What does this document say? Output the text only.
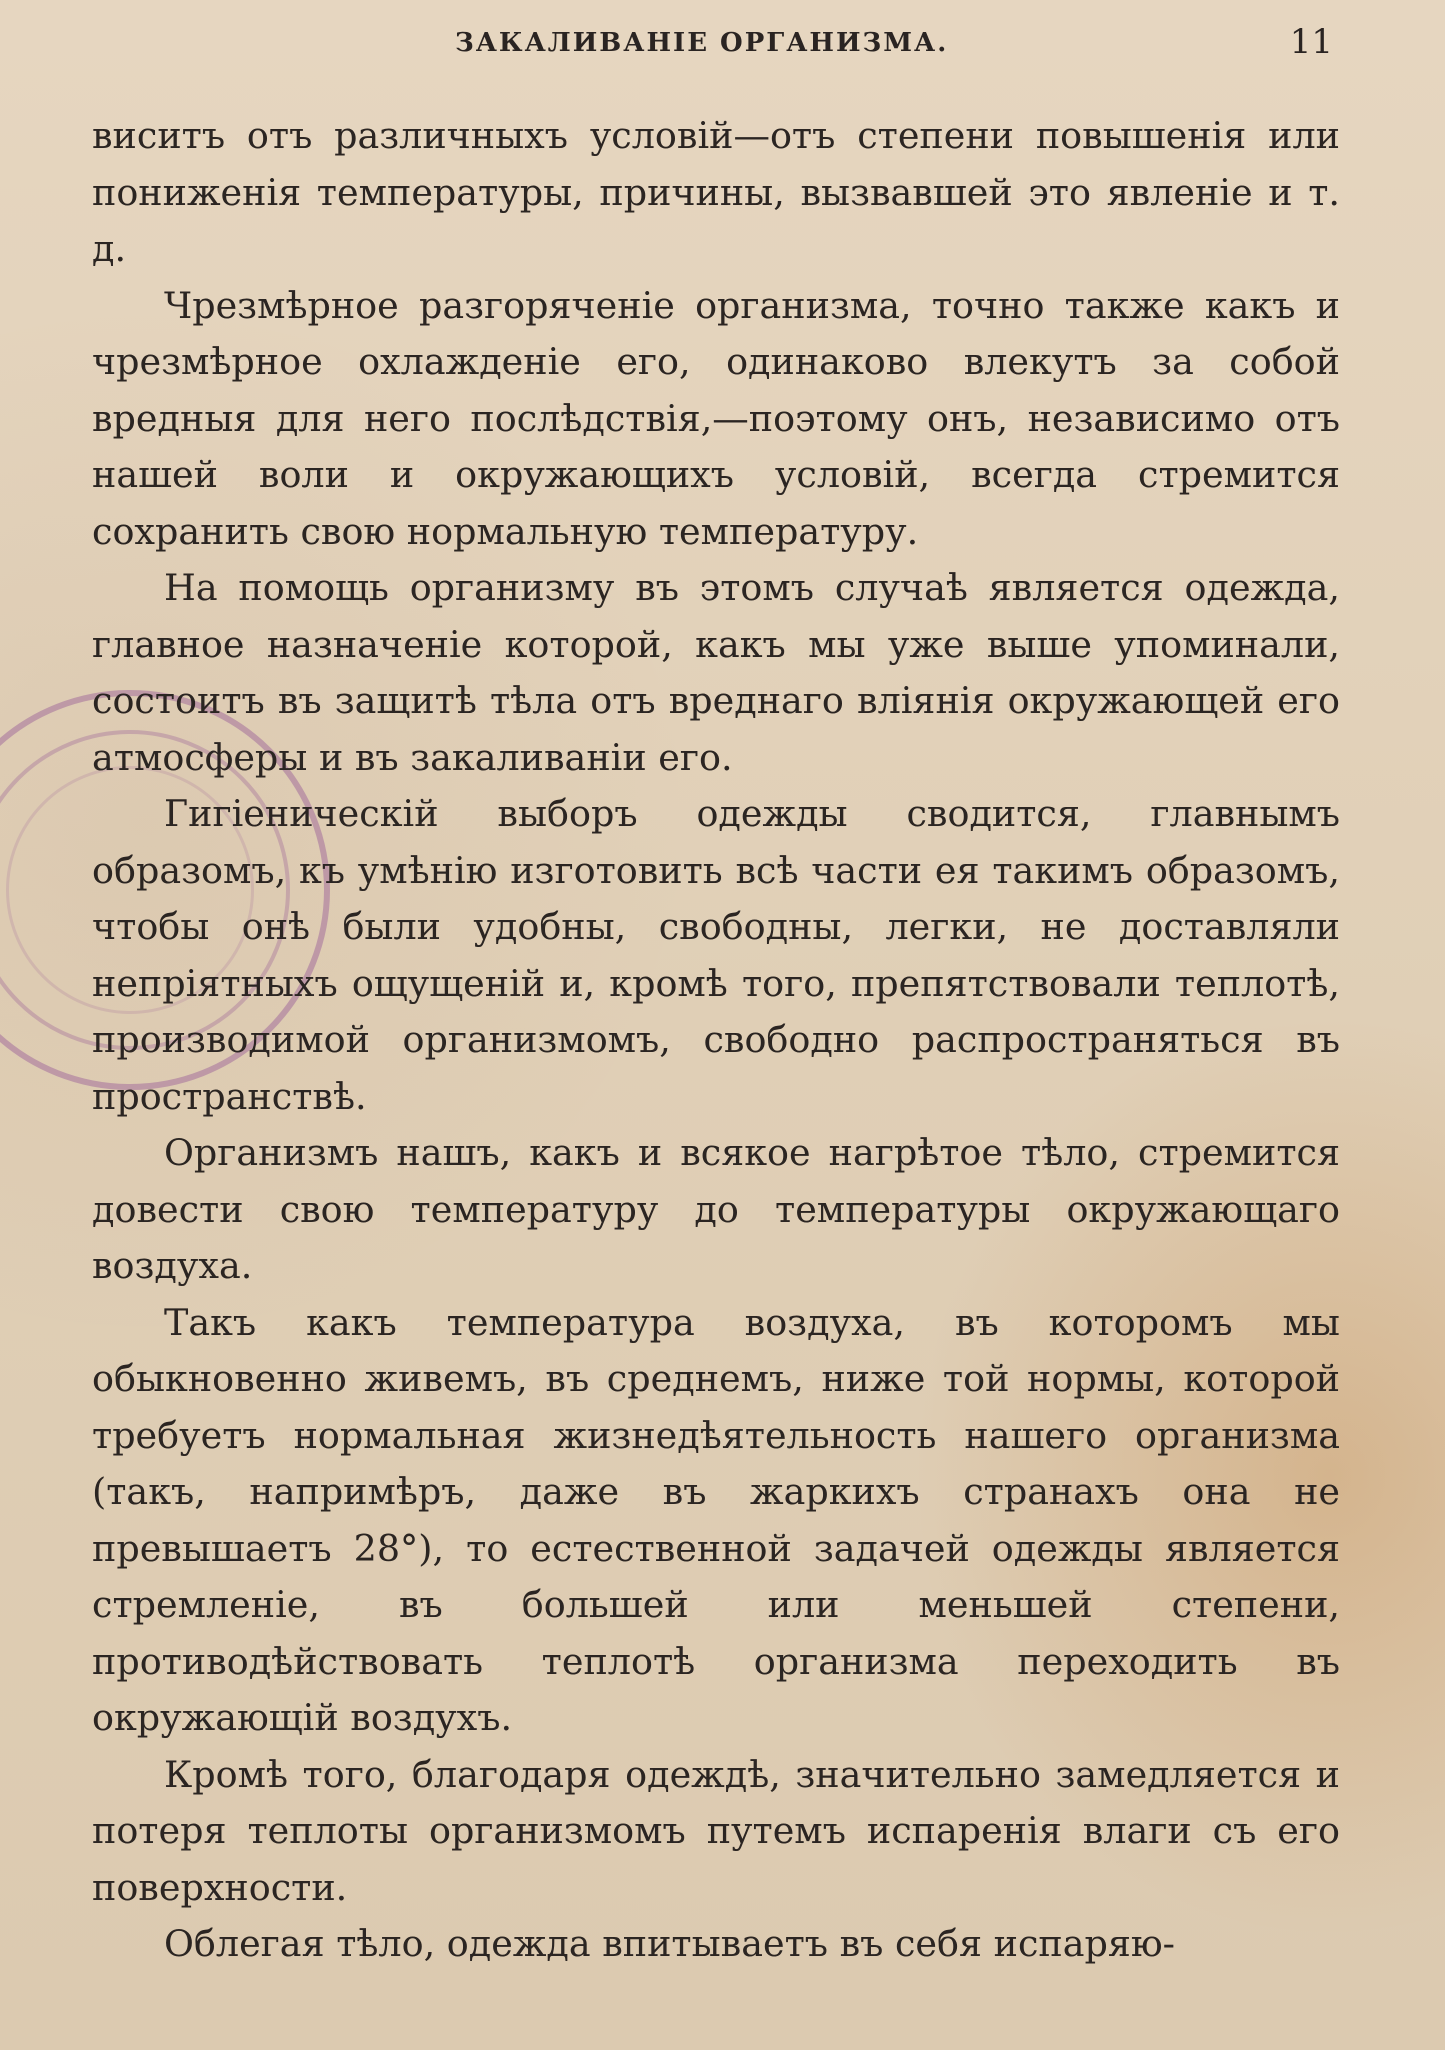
ЗАКАЛИВАНІЕ ОРГАНИЗМА.	11

виситъ отъ различныхъ условій—отъ степени повышенія или пониженія температуры, причины, вызвавшей это явленіе и т. д.

Чрезмѣрное разгоряченіе организма, точно также какъ и чрезмѣрное охлажденіе его, одинаково влекутъ за собой вредныя для него послѣдствія,—поэтому онъ, независимо отъ нашей воли и окружающихъ условій, всегда стремится сохранить свою нормальную температуру.

На помощь организму въ этомъ случаѣ является одежда, главное назначеніе которой, какъ мы уже выше упоминали, состоитъ въ защитѣ тѣла отъ вреднаго вліянія окружающей его атмосферы и въ закаливаніи его.

Гигіеническій выборъ одежды сводится, главнымъ образомъ, къ умѣнію изготовить всѣ части ея такимъ образомъ, чтобы онѣ были удобны, свободны, легки, не доставляли непріятныхъ ощущеній и, кромѣ того, препятствовали теплотѣ, производимой организмомъ, свободно распространяться въ пространствѣ.

Организмъ нашъ, какъ и всякое нагрѣтое тѣло, стремится довести свою температуру до температуры окружающаго воздуха.

Такъ какъ температура воздуха, въ которомъ мы обыкновенно живемъ, въ среднемъ, ниже той нормы, которой требуетъ нормальная жизнедѣятельность нашего организма (такъ, напримѣръ, даже въ жаркихъ странахъ она не превышаетъ 28°), то естественной задачей одежды является стремленіе, въ большей или меньшей степени, противодѣйствовать теплотѣ организма переходить въ окружающій воздухъ.

Кромѣ того, благодаря одеждѣ, значительно замедляется и потеря теплоты организмомъ путемъ испаренія влаги съ его поверхности.

Облегая тѣло, одежда впитываетъ въ себя испаряю-
